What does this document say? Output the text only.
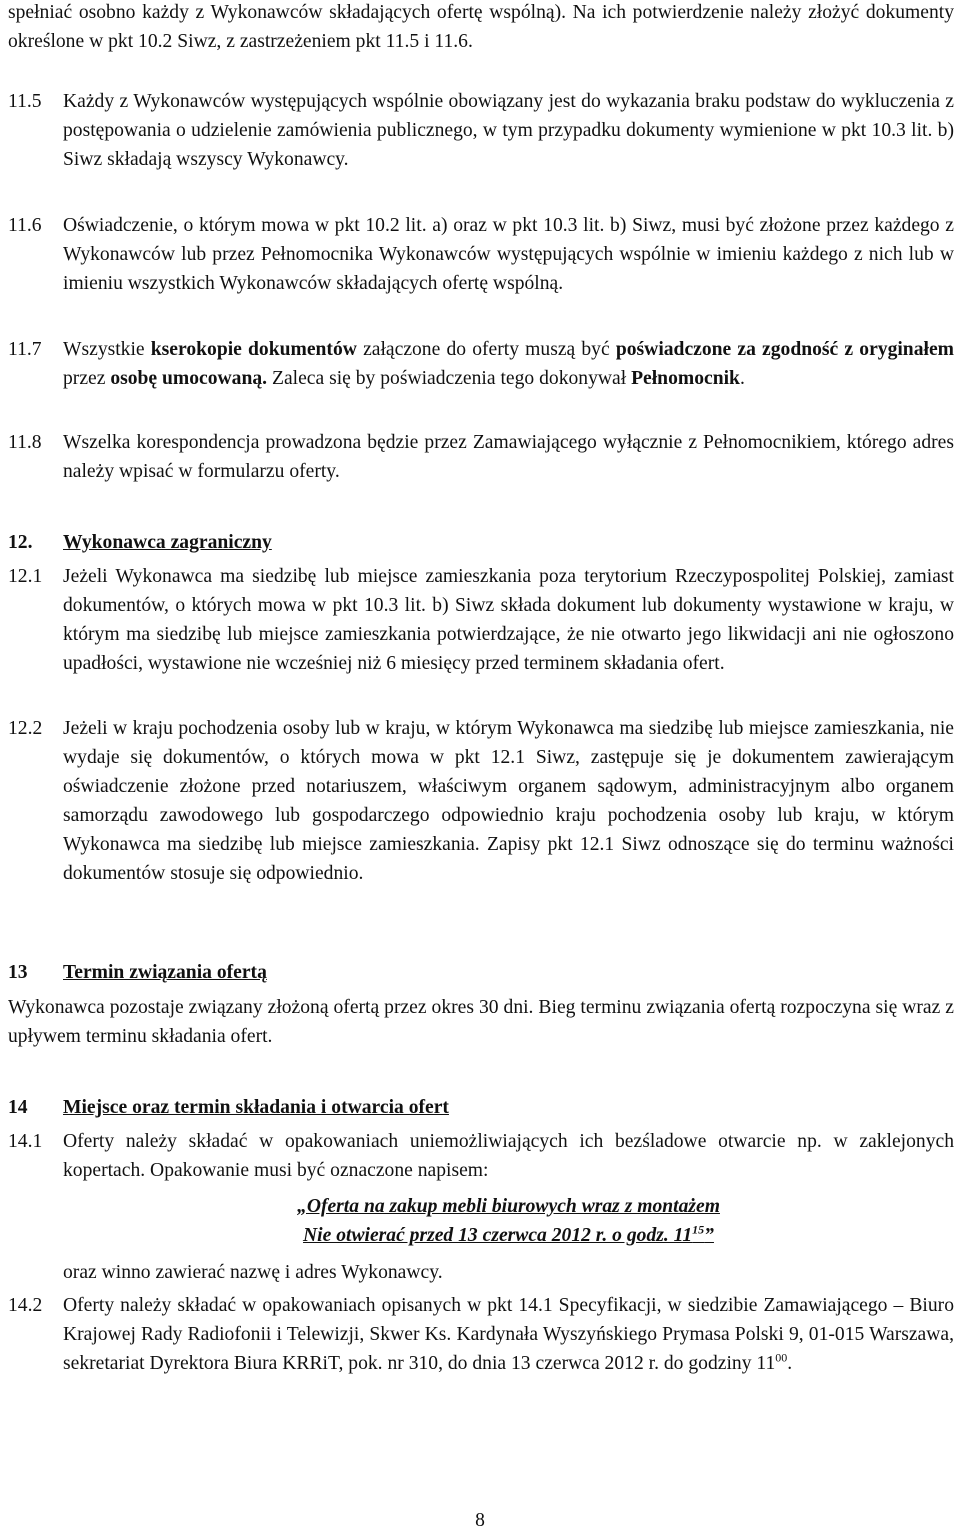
spełniać osobno każdy z Wykonawców składających ofertę wspólną). Na ich potwierdzenie należy złożyć dokumenty określone w pkt 10.2 Siwz, z zastrzeżeniem pkt 11.5 i 11.6.
11.5 Każdy z Wykonawców występujących wspólnie obowiązany jest do wykazania braku podstaw do wykluczenia z postępowania o udzielenie zamówienia publicznego, w tym przypadku dokumenty wymienione w pkt 10.3 lit. b) Siwz składają wszyscy Wykonawcy.
11.6 Oświadczenie, o którym mowa w pkt 10.2 lit. a) oraz w pkt 10.3 lit. b) Siwz, musi być złożone przez każdego z Wykonawców lub przez Pełnomocnika Wykonawców występujących wspólnie w imieniu każdego z nich lub w imieniu wszystkich Wykonawców składających ofertę wspólną.
11.7 Wszystkie kserokopie dokumentów załączone do oferty muszą być poświadczone za zgodność z oryginałem przez osobę umocowaną. Zaleca się by poświadczenia tego dokonywał Pełnomocnik.
11.8 Wszelka korespondencja prowadzona będzie przez Zamawiającego wyłącznie z Pełnomocnikiem, którego adres należy wpisać w formularzu oferty.
12. Wykonawca zagraniczny
12.1 Jeżeli Wykonawca ma siedzibę lub miejsce zamieszkania poza terytorium Rzeczypospolitej Polskiej, zamiast dokumentów, o których mowa w pkt 10.3 lit. b) Siwz składa dokument lub dokumenty wystawione w kraju, w którym ma siedzibę lub miejsce zamieszkania potwierdzające, że nie otwarto jego likwidacji ani nie ogłoszono upadłości, wystawione nie wcześniej niż 6 miesięcy przed terminem składania ofert.
12.2 Jeżeli w kraju pochodzenia osoby lub w kraju, w którym Wykonawca ma siedzibę lub miejsce zamieszkania, nie wydaje się dokumentów, o których mowa w pkt 12.1 Siwz, zastępuje się je dokumentem zawierającym oświadczenie złożone przed notariuszem, właściwym organem sądowym, administracyjnym albo organem samorządu zawodowego lub gospodarczego odpowiednio kraju pochodzenia osoby lub kraju, w którym Wykonawca ma siedzibę lub miejsce zamieszkania. Zapisy pkt 12.1 Siwz odnoszące się do terminu ważności dokumentów stosuje się odpowiednio.
13 Termin związania ofertą
Wykonawca pozostaje związany złożoną ofertą przez okres 30 dni. Bieg terminu związania ofertą rozpoczyna się wraz z upływem terminu składania ofert.
14 Miejsce oraz termin składania i otwarcia ofert
14.1 Oferty należy składać w opakowaniach uniemożliwiających ich bezśladowe otwarcie np. w zaklejonych kopertach. Opakowanie musi być oznaczone napisem:
„Oferta na zakup mebli biurowych wraz z montażem
Nie otwierać przed 13 czerwca 2012 r. o godz. $11^{15}$”
oraz winno zawierać nazwę i adres Wykonawcy.
14.2 Oferty należy składać w opakowaniach opisanych w pkt 14.1 Specyfikacji, w siedzibie Zamawiającego – Biuro Krajowej Rady Radiofonii i Telewizji, Skwer Ks. Kardynała Wyszyńskiego Prymasa Polski 9, 01-015 Warszawa, sekretariat Dyrektora Biura KRRiT, pok. nr 310, do dnia 13 czerwca 2012 r. do godziny $11^{00}$.
8
